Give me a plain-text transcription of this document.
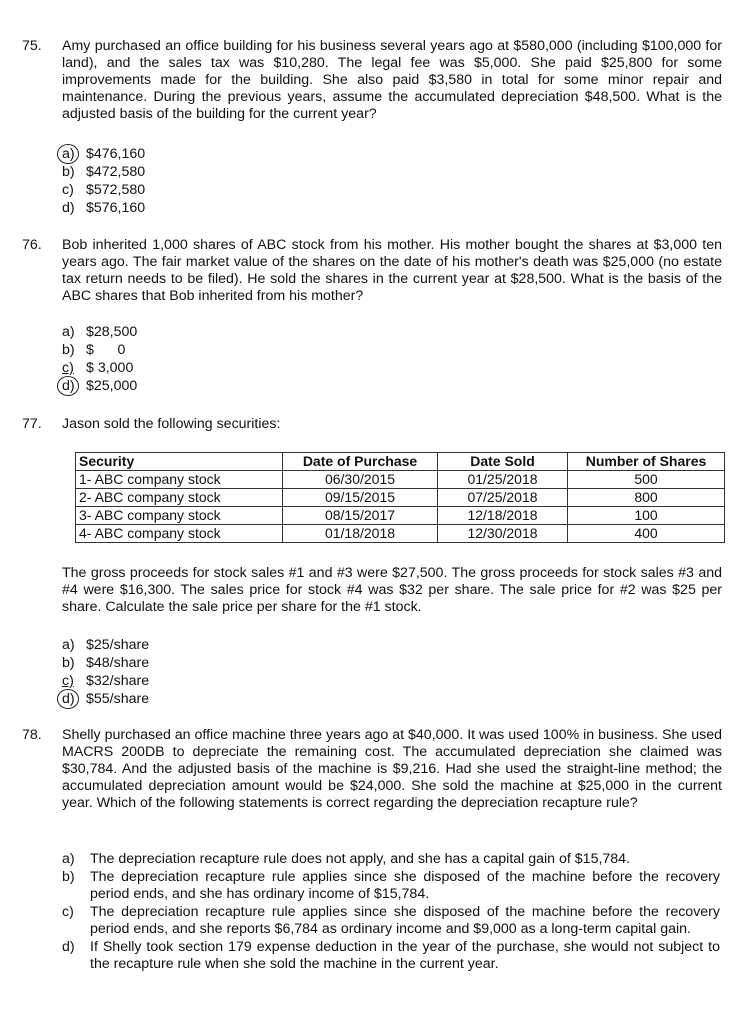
75. Amy purchased an office building for his business several years ago at $580,000 (including $100,000 for land), and the sales tax was $10,280. The legal fee was $5,000. She paid $25,800 for some improvements made for the building. She also paid $3,580 in total for some minor repair and maintenance. During the previous years, assume the accumulated depreciation $48,500. What is the adjusted basis of the building for the current year?
a) $476,160
b) $472,580
c) $572,580
d) $576,160
76. Bob inherited 1,000 shares of ABC stock from his mother. His mother bought the shares at $3,000 ten years ago. The fair market value of the shares on the date of his mother's death was $25,000 (no estate tax return needs to be filed). He sold the shares in the current year at $28,500. What is the basis of the ABC shares that Bob inherited from his mother?
a) $28,500
b) $      0
c) $ 3,000
d) $25,000
77. Jason sold the following securities:
Security	Date of Purchase	Date Sold	Number of Shares
1- ABC company stock	06/30/2015	01/25/2018	500
2- ABC company stock	09/15/2015	07/25/2018	800
3- ABC company stock	08/15/2017	12/18/2018	100
4- ABC company stock	01/18/2018	12/30/2018	400
The gross proceeds for stock sales #1 and #3 were $27,500. The gross proceeds for stock sales #3 and #4 were $16,300. The sales price for stock #4 was $32 per share. The sale price for #2 was $25 per share. Calculate the sale price per share for the #1 stock.
a) $25/share
b) $48/share
c) $32/share
d) $55/share
78. Shelly purchased an office machine three years ago at $40,000. It was used 100% in business. She used MACRS 200DB to depreciate the remaining cost. The accumulated depreciation she claimed was $30,784. And the adjusted basis of the machine is $9,216. Had she used the straight-line method; the accumulated depreciation amount would be $24,000. She sold the machine at $25,000 in the current year. Which of the following statements is correct regarding the depreciation recapture rule?
a)	The depreciation recapture rule does not apply, and she has a capital gain of $15,784.
b)	The depreciation recapture rule applies since she disposed of the machine before the recovery period ends, and she has ordinary income of $15,784.
c)	The depreciation recapture rule applies since she disposed of the machine before the recovery period ends, and she reports $6,784 as ordinary income and $9,000 as a long-term capital gain.
d)	If Shelly took section 179 expense deduction in the year of the purchase, she would not subject to the recapture rule when she sold the machine in the current year.
